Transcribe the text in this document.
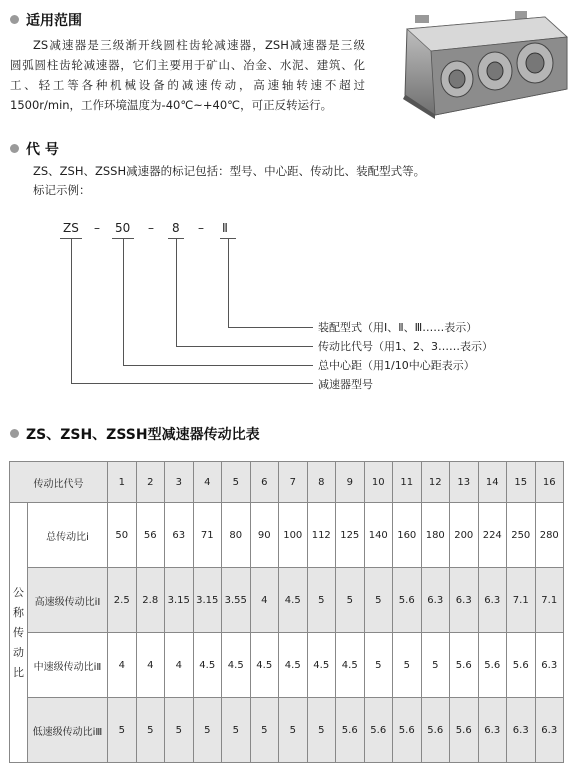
适用范围
ZS减速器是三级渐开线圆柱齿轮减速器，ZSH减速器是三级
圆弧圆柱齿轮减速器，它们主要用于矿山、冶金、水泥、建筑、化
工、轻工等各种机械设备的减速传动，高速轴转速不超过
1500r/min，工作环境温度为-40℃~+40℃，可正反转运行。
代 号
ZS、ZSH、ZSSH减速器的标记包括：型号、中心距、传动比、装配型式等。
标记示例：
ZS – 50 – 8 – Ⅱ
装配型式（用Ⅰ、Ⅱ、Ⅲ……表示）
传动比代号（用1、2、3……表示）
总中心距（用1/10中心距表示）
减速器型号
ZS、ZSH、ZSSH型减速器传动比表
传动比代号		1	2	3	4	5	6	7	8	9	10	11	12	13	14	15	16
公
称
传
动
比	总传动比i	50	56	63	71	80	90	100	112	125	140	160	180	200	224	250	280
	高速级传动比iⅠ	2.5	2.8	3.15	3.15	3.55	4	4.5	5	5	5	5.6	6.3	6.3	6.3	7.1	7.1
	中速级传动比iⅡ	4	4	4	4.5	4.5	4.5	4.5	4.5	4.5	5	5	5	5.6	5.6	5.6	6.3
	低速级传动比iⅢ	5	5	5	5	5	5	5	5	5.6	5.6	5.6	5.6	5.6	6.3	6.3	6.3
